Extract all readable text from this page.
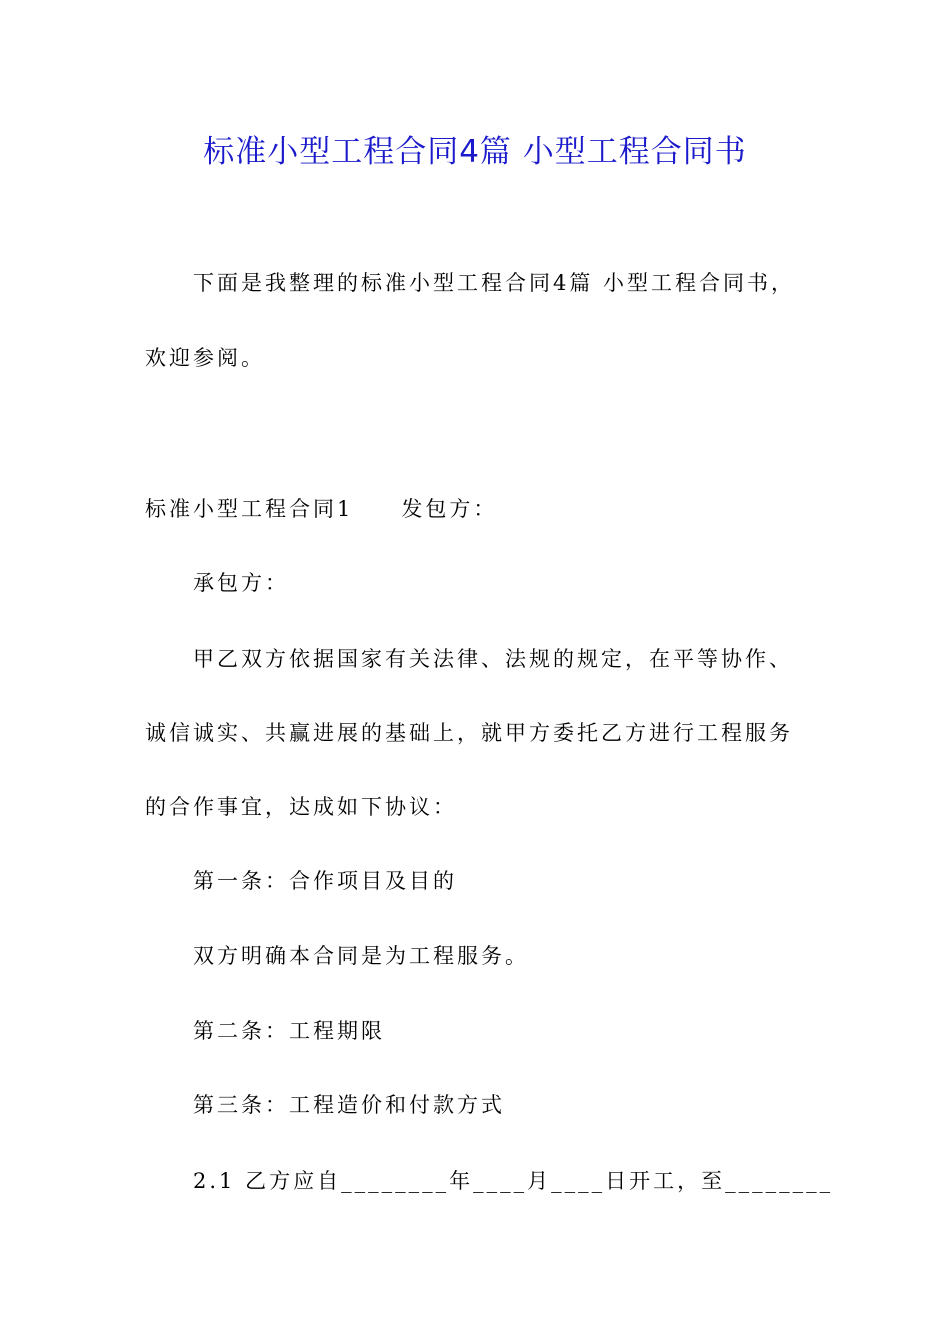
标准小型工程合同4篇 小型工程合同书
下面是我整理的标准小型工程合同4篇 小型工程合同书，
欢迎参阅。
标准小型工程合同1 发包方：
承包方：
甲乙双方依据国家有关法律、法规的规定，在平等协作、
诚信诚实、共赢进展的基础上，就甲方委托乙方进行工程服务
的合作事宜，达成如下协议：
第一条：合作项目及目的
双方明确本合同是为工程服务。
第二条：工程期限
第三条：工程造价和付款方式
2.1 乙方应自________年____月____日开工，至________
